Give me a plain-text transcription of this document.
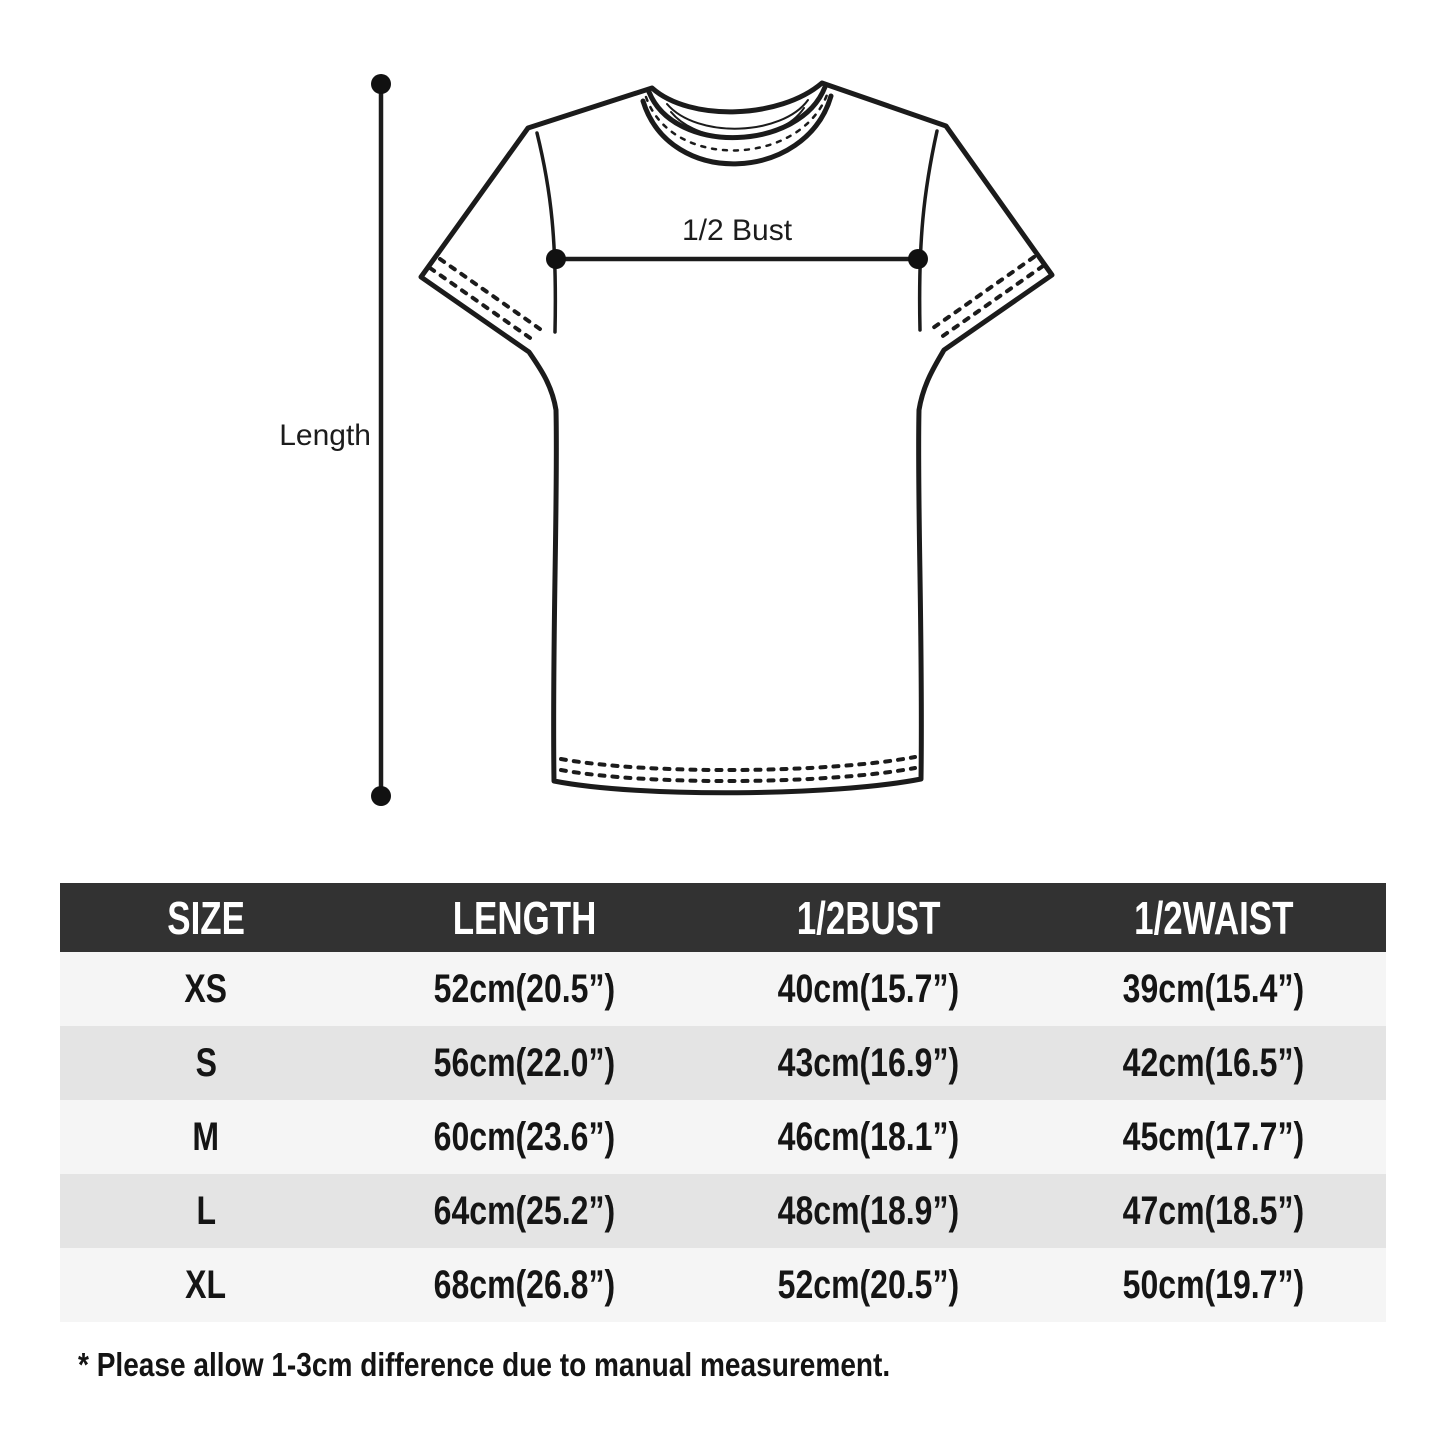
Length
1/2 Bust
SIZE	LENGTH	1/2BUST	1/2WAIST
XS	52cm(20.5”)	40cm(15.7”)	39cm(15.4”)
S	56cm(22.0”)	43cm(16.9”)	42cm(16.5”)
M	60cm(23.6”)	46cm(18.1”)	45cm(17.7”)
L	64cm(25.2”)	48cm(18.9”)	47cm(18.5”)
XL	68cm(26.8”)	52cm(20.5”)	50cm(19.7”)
* Please allow 1-3cm difference due to manual measurement.
